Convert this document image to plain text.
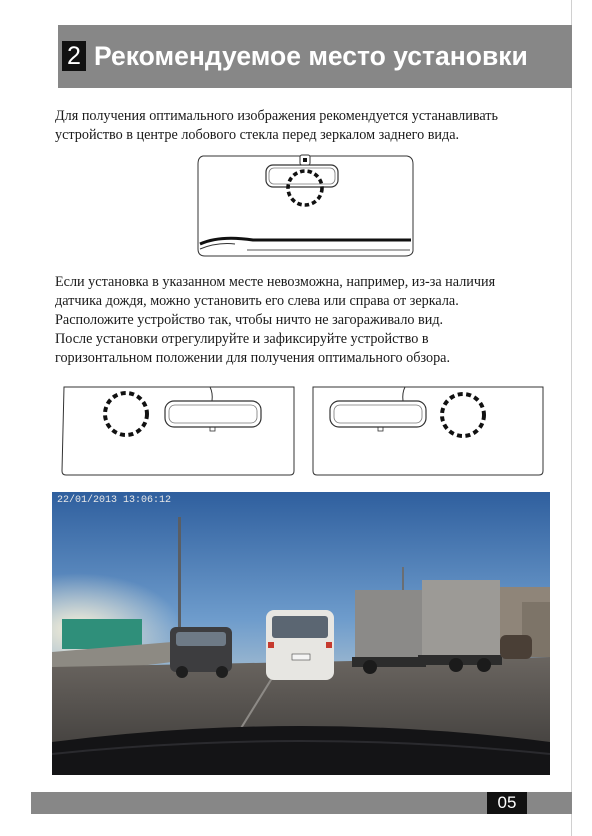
2 Рекомендуемое место установки

Для получения оптимального изображения рекомендуется устанавливать
устройство в центре лобового стекла перед зеркалом заднего вида.

Если установка в указанном месте невозможна, например, из-за наличия
датчика дождя, можно установить его слева или справа от зеркала.
Расположите устройство так, чтобы ничто не загораживало вид.
После установки отрегулируйте и зафиксируйте устройство в
горизонтальном положении для получения оптимального обзора.

22/01/2013 13:06:12
05
